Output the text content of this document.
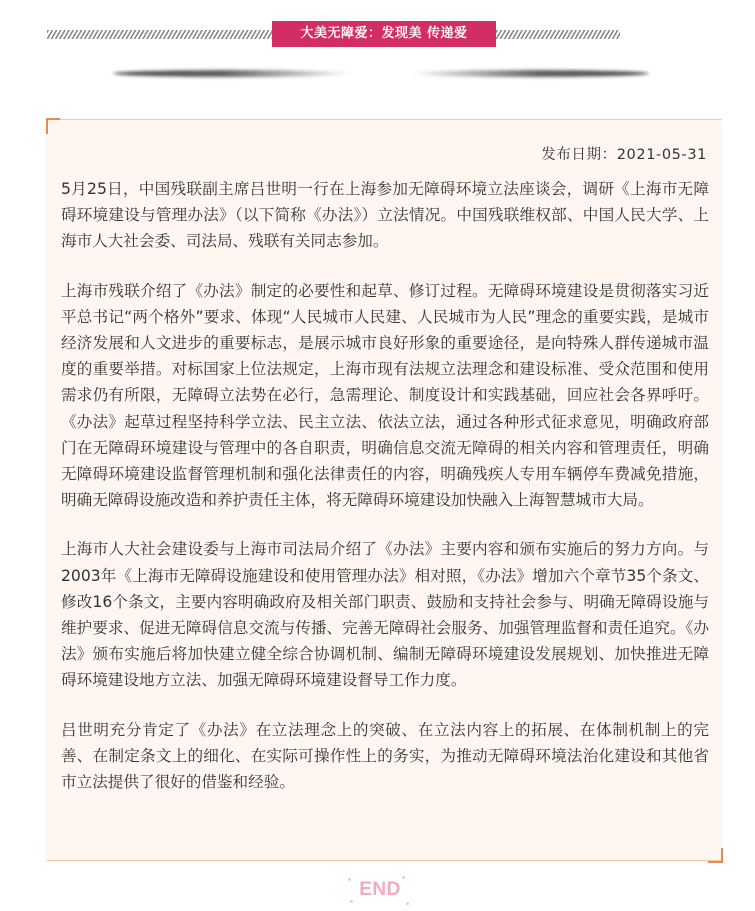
大美无障爱：发现美 传递爱
发布日期：2021-05-31

5月25日，中国残联副主席吕世明一行在上海参加无障碍环境立法座谈会，调研《上海市无障碍环境建设与管理办法》（以下简称《办法》）立法情况。中国残联维权部、中国人民大学、上海市人大社会委、司法局、残联有关同志参加。

上海市残联介绍了《办法》制定的必要性和起草、修订过程。无障碍环境建设是贯彻落实习近平总书记“两个格外”要求、体现“人民城市人民建、人民城市为人民”理念的重要实践，是城市经济发展和人文进步的重要标志，是展示城市良好形象的重要途径，是向特殊人群传递城市温度的重要举措。对标国家上位法规定，上海市现有法规立法理念和建设标准、受众范围和使用需求仍有所限，无障碍立法势在必行，急需理论、制度设计和实践基础，回应社会各界呼吁。《办法》起草过程坚持科学立法、民主立法、依法立法，通过各种形式征求意见，明确政府部门在无障碍环境建设与管理中的各自职责，明确信息交流无障碍的相关内容和管理责任，明确无障碍环境建设监督管理机制和强化法律责任的内容，明确残疾人专用车辆停车费减免措施，明确无障碍设施改造和养护责任主体，将无障碍环境建设加快融入上海智慧城市大局。

上海市人大社会建设委与上海市司法局介绍了《办法》主要内容和颁布实施后的努力方向。与2003年《上海市无障碍设施建设和使用管理办法》相对照，《办法》增加六个章节35个条文、修改16个条文，主要内容明确政府及相关部门职责、鼓励和支持社会参与、明确无障碍设施与维护要求、促进无障碍信息交流与传播、完善无障碍社会服务、加强管理监督和责任追究。《办法》颁布实施后将加快建立健全综合协调机制、编制无障碍环境建设发展规划、加快推进无障碍环境建设地方立法、加强无障碍环境建设督导工作力度。

吕世明充分肯定了《办法》在立法理念上的突破、在立法内容上的拓展、在体制机制上的完善、在制定条文上的细化、在实际可操作性上的务实，为推动无障碍环境法治化建设和其他省市立法提供了很好的借鉴和经验。

END
